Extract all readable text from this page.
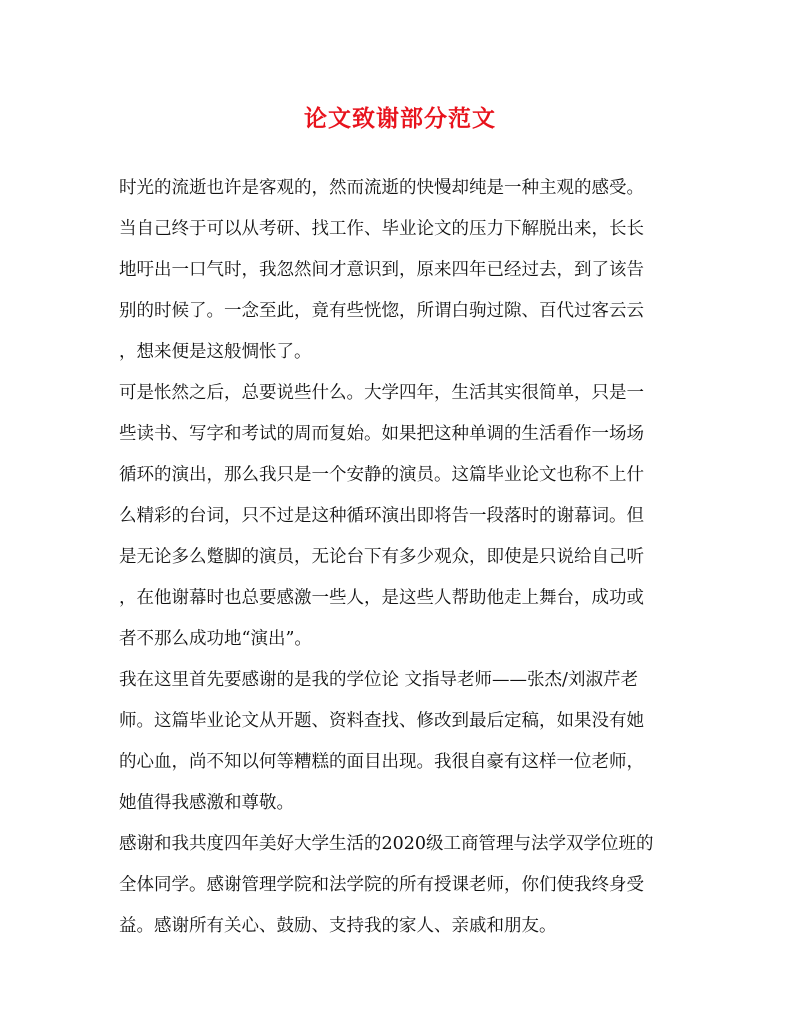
论文致谢部分范文
时光的流逝也许是客观的，然而流逝的快慢却纯是一种主观的感受。
当自己终于可以从考研、找工作、毕业论文的压力下解脱出来，长长
地吁出一口气时，我忽然间才意识到，原来四年已经过去，到了该告
别的时候了。一念至此，竟有些恍惚，所谓白驹过隙、百代过客云云
，想来便是这般惆怅了。
可是怅然之后，总要说些什么。大学四年，生活其实很简单，只是一
些读书、写字和考试的周而复始。如果把这种单调的生活看作一场场
循环的演出，那么我只是一个安静的演员。这篇毕业论文也称不上什
么精彩的台词，只不过是这种循环演出即将告一段落时的谢幕词。但
是无论多么蹩脚的演员，无论台下有多少观众，即使是只说给自己听
，在他谢幕时也总要感激一些人，是这些人帮助他走上舞台，成功或
者不那么成功地“演出”。
我在这里首先要感谢的是我的学位论 文指导老师——张杰/刘淑芹老
师。这篇毕业论文从开题、资料查找、修改到最后定稿，如果没有她
的心血，尚不知以何等糟糕的面目出现。我很自豪有这样一位老师，
她值得我感激和尊敬。
感谢和我共度四年美好大学生活的2020级工商管理与法学双学位班的
全体同学。感谢管理学院和法学院的所有授课老师，你们使我终身受
益。感谢所有关心、鼓励、支持我的家人、亲戚和朋友。
